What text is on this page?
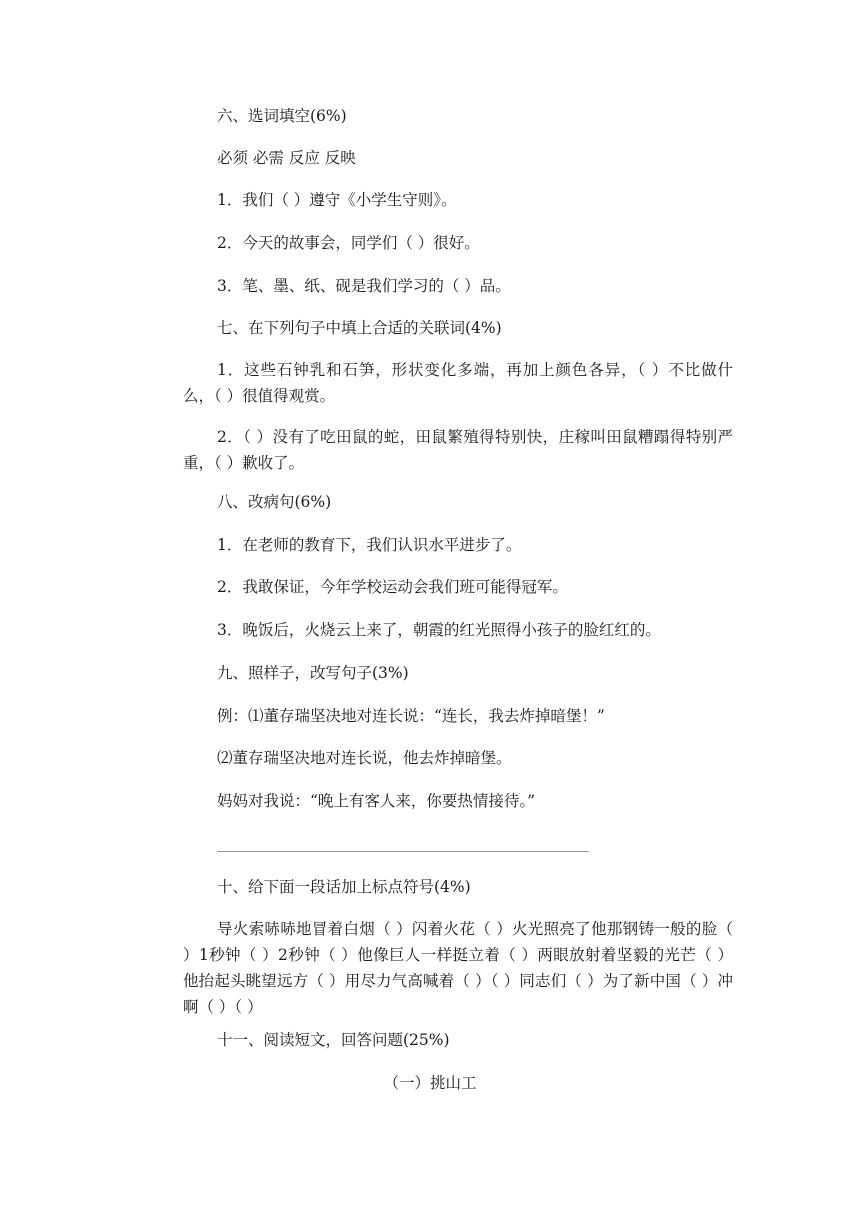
六、选词填空(6%)
必须 必需 反应 反映
1．我们（ ）遵守《小学生守则》。
2．今天的故事会，同学们（ ）很好。
3．笔、墨、纸、砚是我们学习的（ ）品。
七、在下列句子中填上合适的关联词(4%)
1．这些石钟乳和石笋，形状变化多端，再加上颜色各异，（ ）不比做什么，（ ）很值得观赏。
2．（ ）没有了吃田鼠的蛇，田鼠繁殖得特别快，庄稼叫田鼠糟蹋得特别严重，（ ）歉收了。
八、改病句(6%)
1．在老师的教育下，我们认识水平进步了。
2．我敢保证，今年学校运动会我们班可能得冠军。
3．晚饭后，火烧云上来了，朝霞的红光照得小孩子的脸红红的。
九、照样子，改写句子(3%)
例：⑴董存瑞坚决地对连长说：“连长，我去炸掉暗堡！”
⑵董存瑞坚决地对连长说，他去炸掉暗堡。
妈妈对我说：“晚上有客人来，你要热情接待。”
十、给下面一段话加上标点符号(4%)
导火索哧哧地冒着白烟（ ）闪着火花（ ）火光照亮了他那钢铸一般的脸（ ）1秒钟（ ）2秒钟（ ）他像巨人一样挺立着（ ）两眼放射着坚毅的光芒（ ）他抬起头眺望远方（ ）用尽力气高喊着（ ）（ ）同志们（ ）为了新中国（ ）冲啊（ ）（ ）
十一、阅读短文，回答问题(25%)
（一）挑山工
